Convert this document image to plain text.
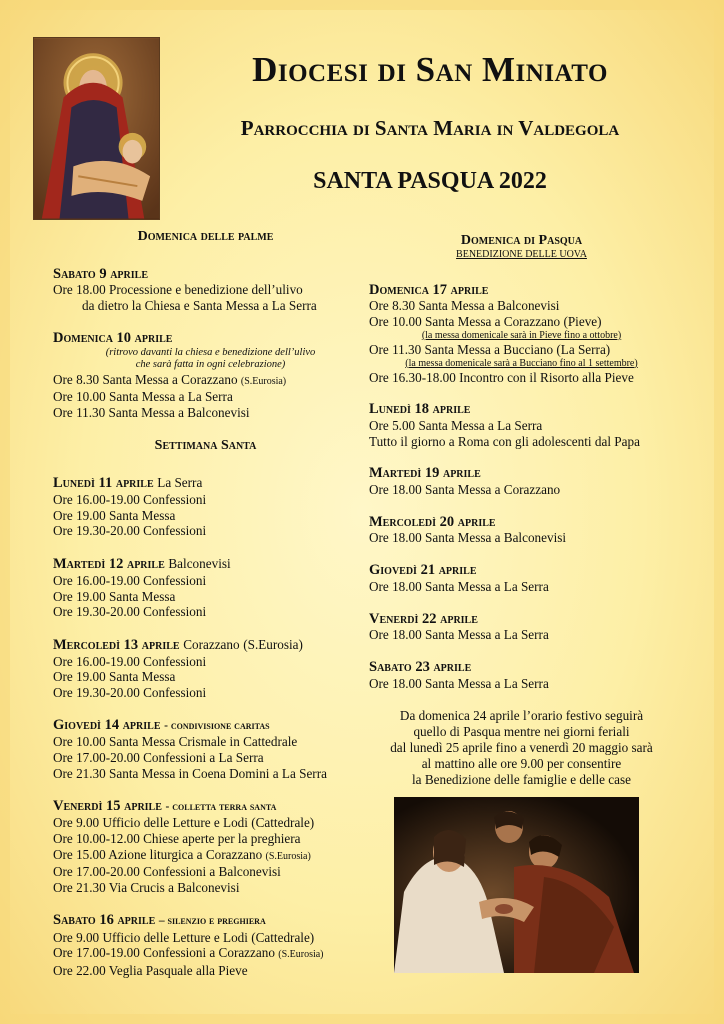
Diocesi di San Miniato
Parrocchia di Santa Maria in Valdegola
SANTA PASQUA 2022
Domenica delle palme
Sabato 9 aprile
Ore 18.00 Processione e benedizione dell’ulivo
da dietro la Chiesa e Santa Messa a La Serra
Domenica 10 aprile
(ritrovo davanti la chiesa e benedizione dell’ulivo
che sarà fatta in ogni celebrazione)
Ore 8.30 Santa Messa a Corazzano (S.Eurosia)
Ore 10.00 Santa Messa a La Serra
Ore 11.30 Santa Messa a Balconevisi
Settimana Santa
Lunedì 11 aprile La Serra
Ore 16.00-19.00 Confessioni
Ore 19.00 Santa Messa
Ore 19.30-20.00 Confessioni
Martedì 12 aprile Balconevisi
Ore 16.00-19.00 Confessioni
Ore 19.00 Santa Messa
Ore 19.30-20.00 Confessioni
Mercoledì 13 aprile Corazzano (S.Eurosia)
Ore 16.00-19.00 Confessioni
Ore 19.00 Santa Messa
Ore 19.30-20.00 Confessioni
Giovedì 14 aprile - condivisione caritas
Ore 10.00 Santa Messa Crismale in Cattedrale
Ore 17.00-20.00 Confessioni a La Serra
Ore 21.30 Santa Messa in Coena Domini a La Serra
Venerdì 15 aprile - colletta terra santa
Ore 9.00 Ufficio delle Letture e Lodi (Cattedrale)
Ore 10.00-12.00 Chiese aperte per la preghiera
Ore 15.00 Azione liturgica a Corazzano (S.Eurosia)
Ore 17.00-20.00 Confessioni a Balconevisi
Ore 21.30 Via Crucis a Balconevisi
Sabato 16 aprile – silenzio e preghiera
Ore 9.00 Ufficio delle Letture e Lodi (Cattedrale)
Ore 17.00-19.00 Confessioni a Corazzano (S.Eurosia)
Ore 22.00 Veglia Pasquale alla Pieve
Domenica di Pasqua
BENEDIZIONE DELLE UOVA
Domenica 17 aprile
Ore 8.30 Santa Messa a Balconevisi
Ore 10.00 Santa Messa a Corazzano (Pieve)
(la messa domenicale sarà in Pieve fino a ottobre)
Ore 11.30 Santa Messa a Bucciano (La Serra)
(la messa domenicale sarà a Bucciano fino al 1 settembre)
Ore 16.30-18.00 Incontro con il Risorto alla Pieve
Lunedì 18 aprile
Ore 5.00 Santa Messa a La Serra
Tutto il giorno a Roma con gli adolescenti dal Papa
Martedì 19 aprile
Ore 18.00 Santa Messa a Corazzano
Mercoledì 20 aprile
Ore 18.00 Santa Messa a Balconevisi
Giovedì 21 aprile
Ore 18.00 Santa Messa a La Serra
Venerdì 22 aprile
Ore 18.00 Santa Messa a La Serra
Sabato 23 aprile
Ore 18.00 Santa Messa a La Serra
Da domenica 24 aprile l’orario festivo seguirà
quello di Pasqua mentre nei giorni feriali
dal lunedì 25 aprile fino a venerdì 20 maggio sarà
al mattino alle ore 9.00 per consentire
la Benedizione delle famiglie e delle case
